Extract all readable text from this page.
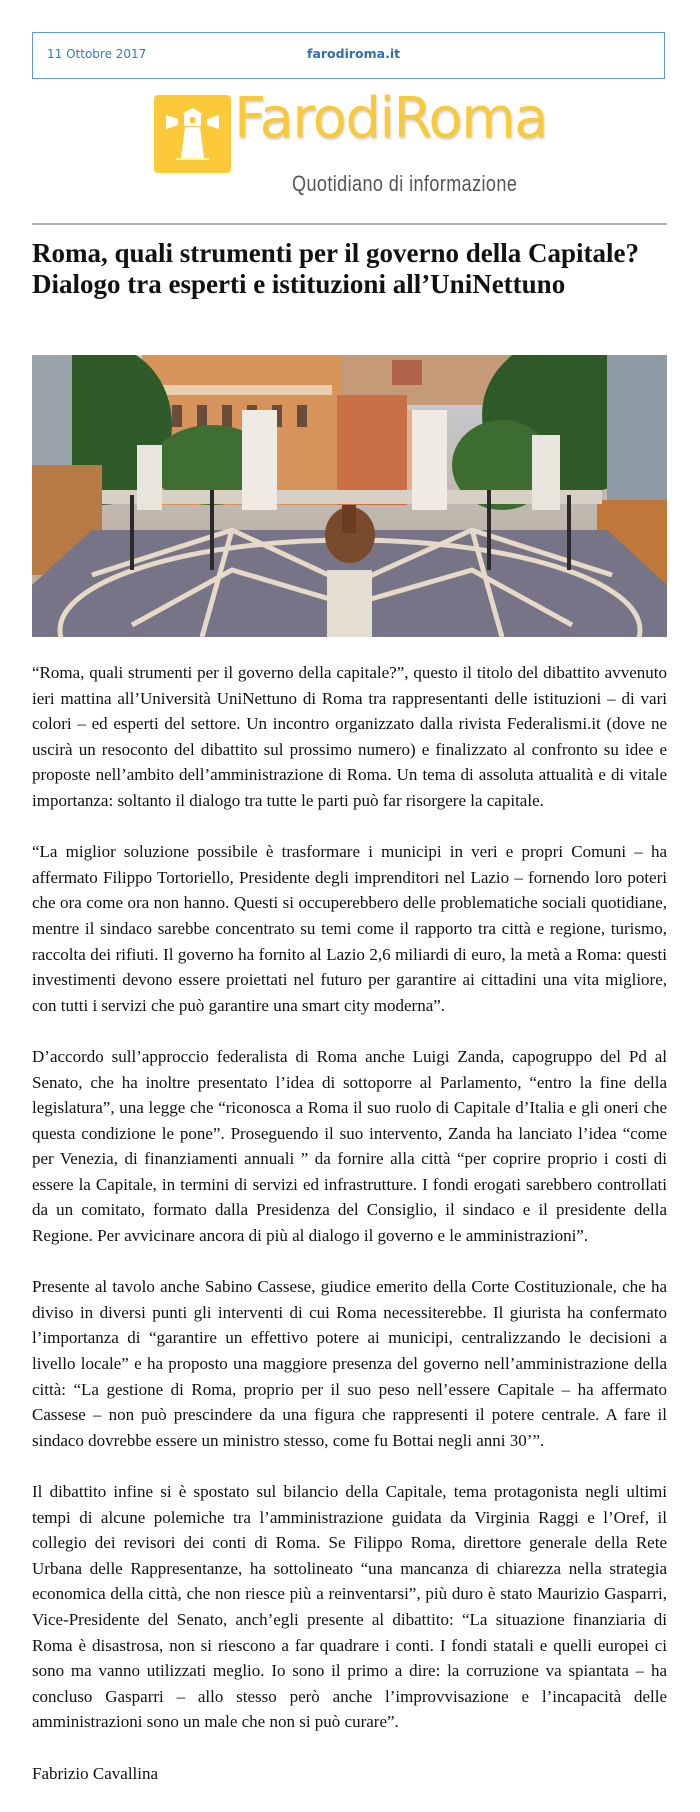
11 Ottobre 2017	farodiroma.it
FarodiRoma
Quotidiano di informazione
Roma, quali strumenti per il governo della Capitale? Dialogo tra esperti e istituzioni all’UniNettuno

“Roma, quali strumenti per il governo della capitale?”, questo il titolo del dibattito avvenuto ieri mattina all’Università UniNettuno di Roma tra rappresentanti delle istituzioni – di vari colori – ed esperti del settore. Un incontro organizzato dalla rivista Federalismi.it (dove ne uscirà un resoconto del dibattito sul prossimo numero) e finalizzato al confronto su idee e proposte nell’ambito dell’amministrazione di Roma. Un tema di assoluta attualità e di vitale importanza: soltanto il dialogo tra tutte le parti può far risorgere la capitale.

“La miglior soluzione possibile è trasformare i municipi in veri e propri Comuni – ha affermato Filippo Tortoriello, Presidente degli imprenditori nel Lazio – fornendo loro poteri che ora come ora non hanno. Questi si occuperebbero delle problematiche sociali quotidiane, mentre il sindaco sarebbe concentrato su temi come il rapporto tra città e regione, turismo, raccolta dei rifiuti. Il governo ha fornito al Lazio 2,6 miliardi di euro, la metà a Roma: questi investimenti devono essere proiettati nel futuro per garantire ai cittadini una vita migliore, con tutti i servizi che può garantire una smart city moderna”.

D’accordo sull’approccio federalista di Roma anche Luigi Zanda, capogruppo del Pd al Senato, che ha inoltre presentato l’idea di sottoporre al Parlamento, “entro la fine della legislatura”, una legge che “riconosca a Roma il suo ruolo di Capitale d’Italia e gli oneri che questa condizione le pone”. Proseguendo il suo intervento, Zanda ha lanciato l’idea “come per Venezia, di finanziamenti annuali ” da fornire alla città “per coprire proprio i costi di essere la Capitale, in termini di servizi ed infrastrutture. I fondi erogati sarebbero controllati da un comitato, formato dalla Presidenza del Consiglio, il sindaco e il presidente della Regione. Per avvicinare ancora di più al dialogo il governo e le amministrazioni”.

Presente al tavolo anche Sabino Cassese, giudice emerito della Corte Costituzionale, che ha diviso in diversi punti gli interventi di cui Roma necessiterebbe. Il giurista ha confermato l’importanza di “garantire un effettivo potere ai municipi, centralizzando le decisioni a livello locale” e ha proposto una maggiore presenza del governo nell’amministrazione della città: “La gestione di Roma, proprio per il suo peso nell’essere Capitale – ha affermato Cassese – non può prescindere da una figura che rappresenti il potere centrale. A fare il sindaco dovrebbe essere un ministro stesso, come fu Bottai negli anni 30’”.

Il dibattito infine si è spostato sul bilancio della Capitale, tema protagonista negli ultimi tempi di alcune polemiche tra l’amministrazione guidata da Virginia Raggi e l’Oref, il collegio dei revisori dei conti di Roma. Se Filippo Roma, direttore generale della Rete Urbana delle Rappresentanze, ha sottolineato “una mancanza di chiarezza nella strategia economica della città, che non riesce più a reinventarsi”, più duro è stato Maurizio Gasparri, Vice-Presidente del Senato, anch’egli presente al dibattito: “La situazione finanziaria di Roma è disastrosa, non si riescono a far quadrare i conti. I fondi statali e quelli europei ci sono ma vanno utilizzati meglio. Io sono il primo a dire: la corruzione va spiantata – ha concluso Gasparri – allo stesso però anche l’improvvisazione e l’incapacità delle amministrazioni sono un male che non si può curare”.

Fabrizio Cavallina
